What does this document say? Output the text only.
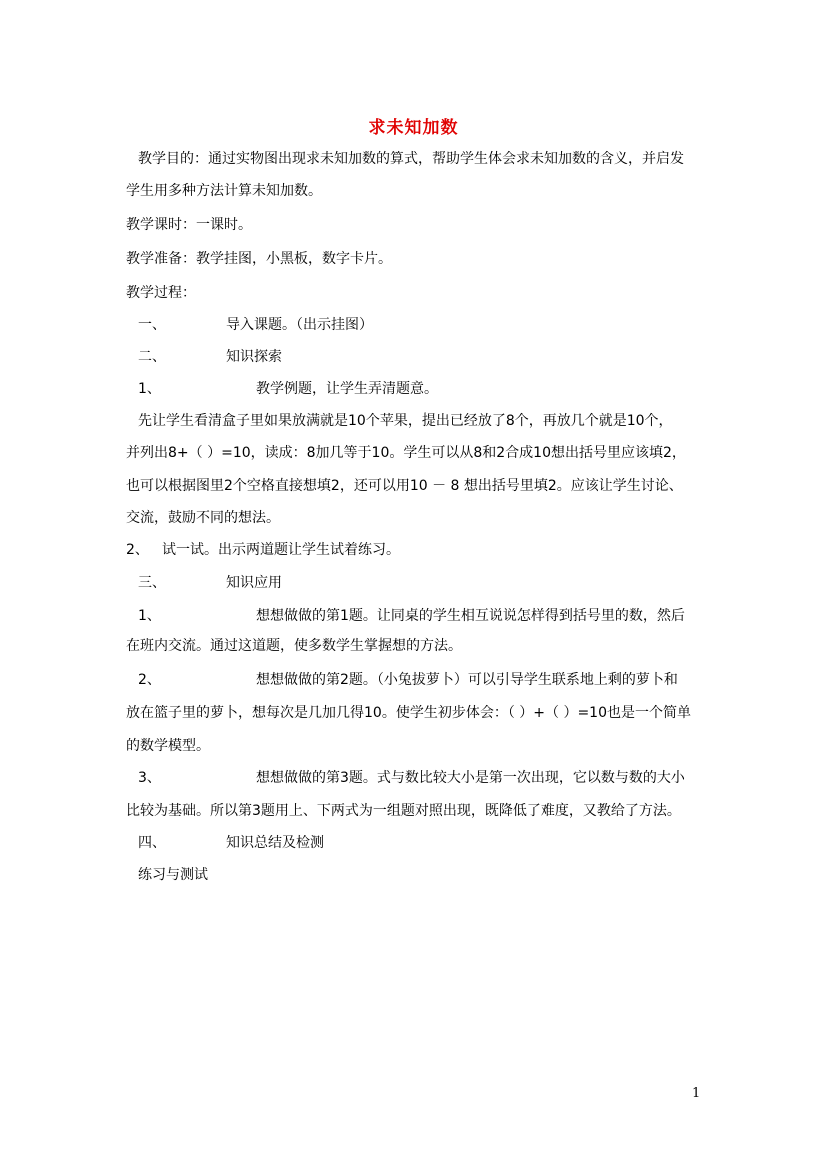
求未知加数
教学目的：通过实物图出现求未知加数的算式，帮助学生体会求未知加数的含义，并启发
学生用多种方法计算未知加数。
教学课时：一课时。
教学准备：教学挂图，小黑板，数字卡片。
教学过程：
一、	导入课题。（出示挂图）
二、	知识探索
1、	教学例题，让学生弄清题意。
先让学生看清盒子里如果放满就是10个苹果，提出已经放了8个，再放几个就是10个，
并列出8+（ ）=10，读成：8加几等于10。学生可以从8和2合成10想出括号里应该填2，
也可以根据图里2个空格直接想填2，还可以用10 － 8 想出括号里填2。应该让学生讨论、
交流，鼓励不同的想法。
2、 试一试。出示两道题让学生试着练习。
三、	知识应用
1、	想想做做的第1题。让同桌的学生相互说说怎样得到括号里的数，然后
在班内交流。通过这道题，使多数学生掌握想的方法。
2、	想想做做的第2题。（小兔拔萝卜）可以引导学生联系地上剩的萝卜和
放在篮子里的萝卜，想每次是几加几得10。使学生初步体会：（ ）+（ ）=10也是一个简单
的数学模型。
3、	想想做做的第3题。式与数比较大小是第一次出现，它以数与数的大小
比较为基础。所以第3题用上、下两式为一组题对照出现，既降低了难度，又教给了方法。
四、	知识总结及检测
练习与测试
1
